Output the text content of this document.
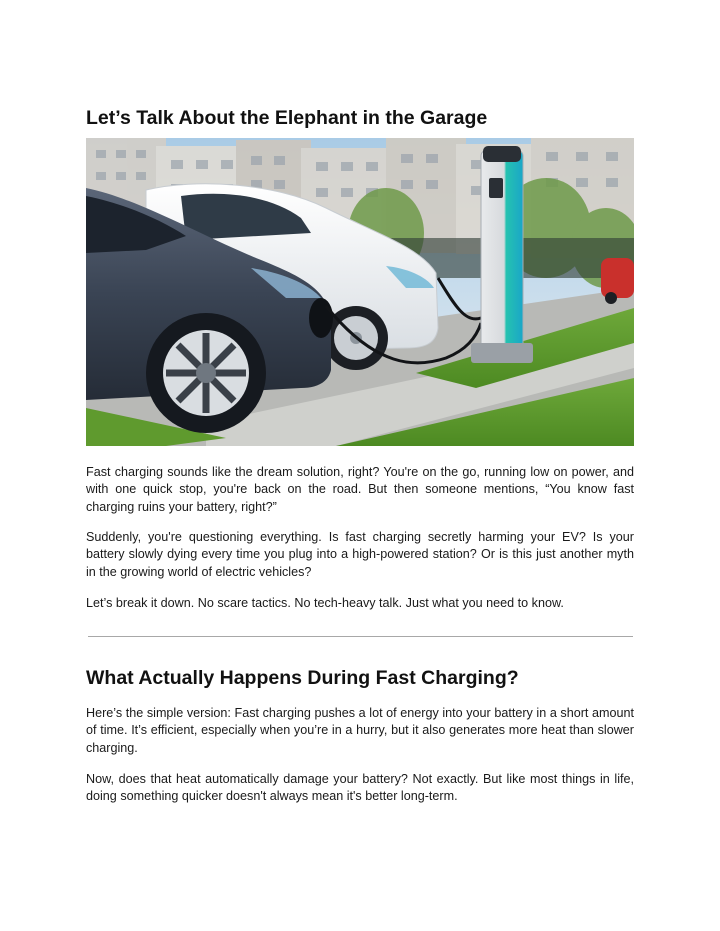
Let’s Talk About the Elephant in the Garage

Fast charging sounds like the dream solution, right? You're on the go, running low on power, and with one quick stop, you're back on the road. But then someone mentions, “You know fast charging ruins your battery, right?”

Suddenly, you're questioning everything. Is fast charging secretly harming your EV? Is your battery slowly dying every time you plug into a high-powered station? Or is this just another myth in the growing world of electric vehicles?

Let’s break it down. No scare tactics. No tech-heavy talk. Just what you need to know.

What Actually Happens During Fast Charging?

Here’s the simple version: Fast charging pushes a lot of energy into your battery in a short amount of time. It’s efficient, especially when you’re in a hurry, but it also generates more heat than slower charging.

Now, does that heat automatically damage your battery? Not exactly. But like most things in life, doing something quicker doesn't always mean it's better long-term.
